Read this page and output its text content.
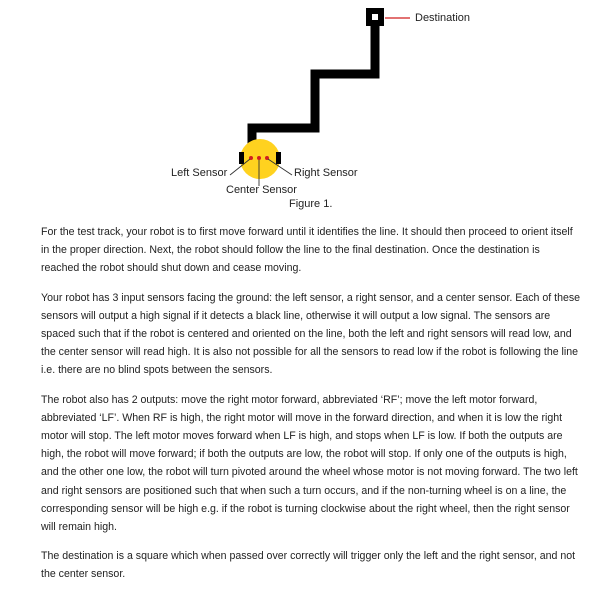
Destination
Left Sensor	Right Sensor
Center Sensor
Figure 1.

For the test track, your robot is to first move forward until it identifies the line. It should then proceed to orient itself in the proper direction. Next, the robot should follow the line to the final destination. Once the destination is reached the robot should shut down and cease moving.

Your robot has 3 input sensors facing the ground: the left sensor, a right sensor, and a center sensor. Each of these sensors will output a high signal if it detects a black line, otherwise it will output a low signal. The sensors are spaced such that if the robot is centered and oriented on the line, both the left and right sensors will read low, and the center sensor will read high. It is also not possible for all the sensors to read low if the robot is following the line i.e. there are no blind spots between the sensors.

The robot also has 2 outputs: move the right motor forward, abbreviated ‘RF’; move the left motor forward, abbreviated ‘LF’. When RF is high, the right motor will move in the forward direction, and when it is low the right motor will stop. The left motor moves forward when LF is high, and stops when LF is low. If both the outputs are high, the robot will move forward; if both the outputs are low, the robot will stop. If only one of the outputs is high, and the other one low, the robot will turn pivoted around the wheel whose motor is not moving forward. The two left and right sensors are positioned such that when such a turn occurs, and if the non-turning wheel is on a line, the corresponding sensor will be high e.g. if the robot is turning clockwise about the right wheel, then the right sensor will remain high.

The destination is a square which when passed over correctly will trigger only the left and the right sensor, and not the center sensor.
